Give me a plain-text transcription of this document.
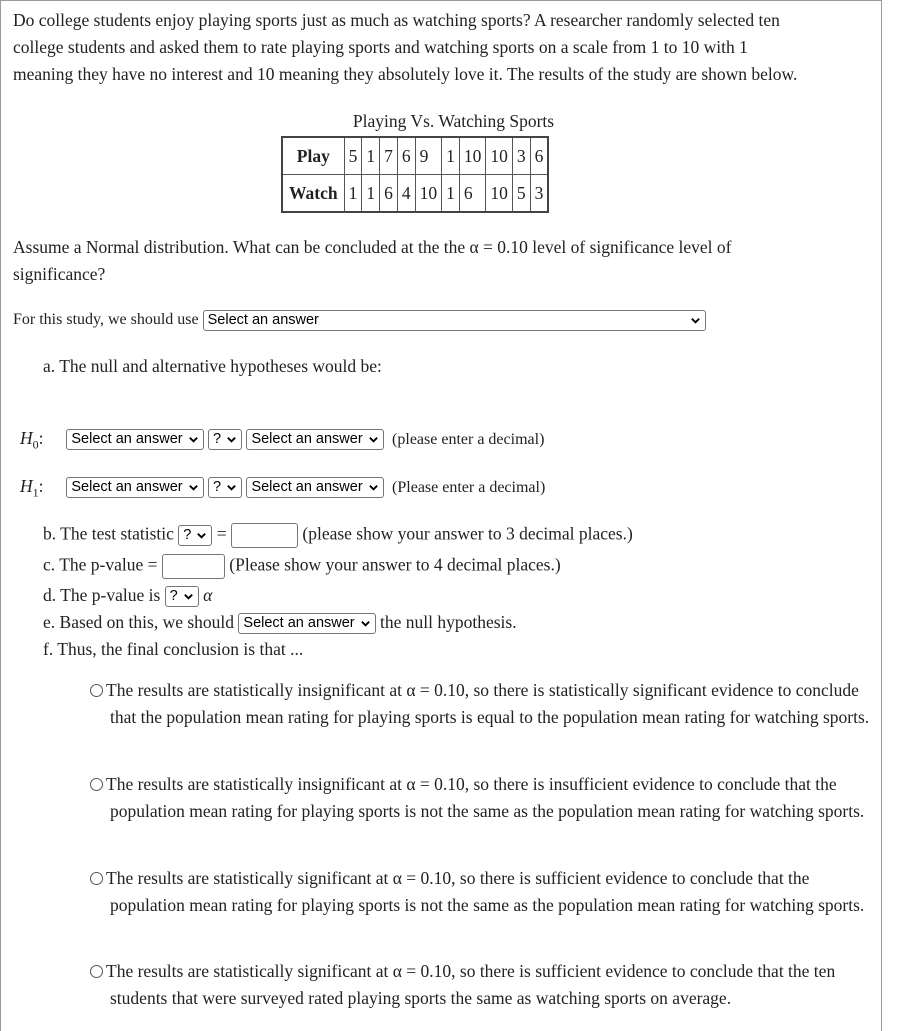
Do college students enjoy playing sports just as much as watching sports? A researcher randomly selected ten
college students and asked them to rate playing sports and watching sports on a scale from 1 to 10 with 1
meaning they have no interest and 10 meaning they absolutely love it. The results of the study are shown below.
Playing Vs. Watching Sports
Play	5	1	7	6	9	1	10	10	3	6
Watch	1	1	6	4	10	1	6	10	5	3
Assume a Normal distribution. What can be concluded at the the α = 0.10 level of significance level of
significance?
For this study, we should use Select an answer
a. The null and alternative hypotheses would be:
$H_0$: Select an answer ? Select an answer (please enter a decimal)
$H_1$: Select an answer ? Select an answer (Please enter a decimal)
b. The test statistic ? =	(please show your answer to 3 decimal places.)
c. The p-value =	(Please show your answer to 4 decimal places.)
d. The p-value is ? α
e. Based on this, we should Select an answer the null hypothesis.
f. Thus, the final conclusion is that ...
The results are statistically insignificant at α = 0.10, so there is statistically significant evidence to conclude that the population mean rating for playing sports is equal to the population mean rating for watching sports.
The results are statistically insignificant at α = 0.10, so there is insufficient evidence to conclude that the population mean rating for playing sports is not the same as the population mean rating for watching sports.
The results are statistically significant at α = 0.10, so there is sufficient evidence to conclude that the population mean rating for playing sports is not the same as the population mean rating for watching sports.
The results are statistically significant at α = 0.10, so there is sufficient evidence to conclude that the ten students that were surveyed rated playing sports the same as watching sports on average.
